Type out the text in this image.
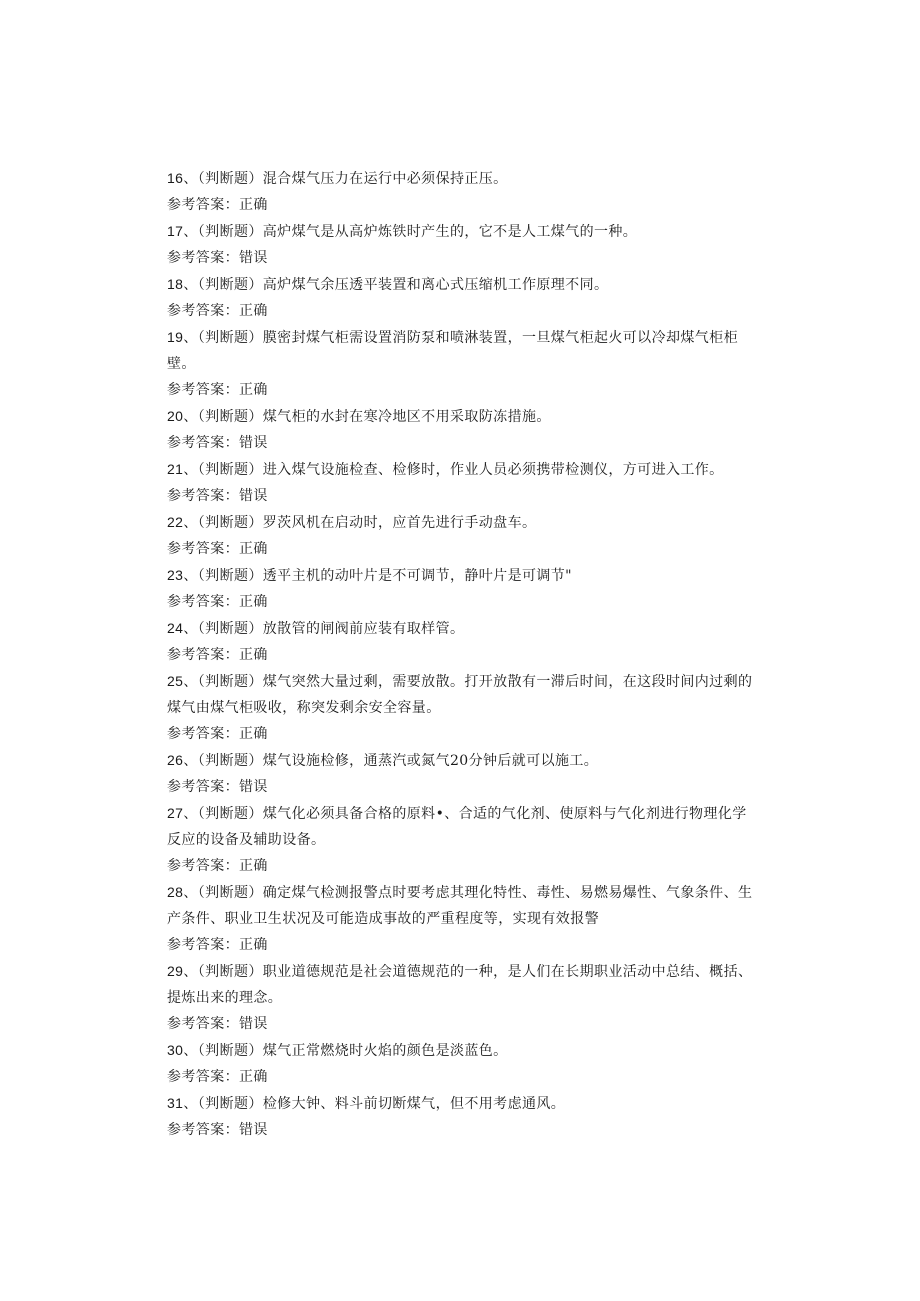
16、（判断题）混合煤气压力在运行中必须保持正压。
参考答案：正确
17、（判断题）高炉煤气是从高炉炼铁时产生的，它不是人工煤气的一种。
参考答案：错误
18、（判断题）高炉煤气余压透平装置和离心式压缩机工作原理不同。
参考答案：正确
19、（判断题）膜密封煤气柜需设置消防泵和喷淋装置，一旦煤气柜起火可以冷却煤气柜柜壁。
参考答案：正确
20、（判断题）煤气柜的水封在寒冷地区不用采取防冻措施。
参考答案：错误
21、（判断题）进入煤气设施检查、检修时，作业人员必须携带检测仪，方可进入工作。
参考答案：错误
22、（判断题）罗茨风机在启动时，应首先进行手动盘车。
参考答案：正确
23、（判断题）透平主机的动叶片是不可调节，静叶片是可调节"
参考答案：正确
24、（判断题）放散管的闸阀前应装有取样管。
参考答案：正确
25、（判断题）煤气突然大量过剩，需要放散。打开放散有一滞后时间，在这段时间内过剩的煤气由煤气柜吸收，称突发剩余安全容量。
参考答案：正确
26、（判断题）煤气设施检修，通蒸汽或氮气20分钟后就可以施工。
参考答案：错误
27、（判断题）煤气化必须具备合格的原料•、合适的气化剂、使原料与气化剂进行物理化学反应的设备及辅助设备。
参考答案：正确
28、（判断题）确定煤气检测报警点时要考虑其理化特性、毒性、易燃易爆性、气象条件、生产条件、职业卫生状况及可能造成事故的严重程度等，实现有效报警
参考答案：正确
29、（判断题）职业道德规范是社会道德规范的一种，是人们在长期职业活动中总结、概括、提炼出来的理念。
参考答案：错误
30、（判断题）煤气正常燃烧时火焰的颜色是淡蓝色。
参考答案：正确
31、（判断题）检修大钟、料斗前切断煤气，但不用考虑通风。
参考答案：错误
